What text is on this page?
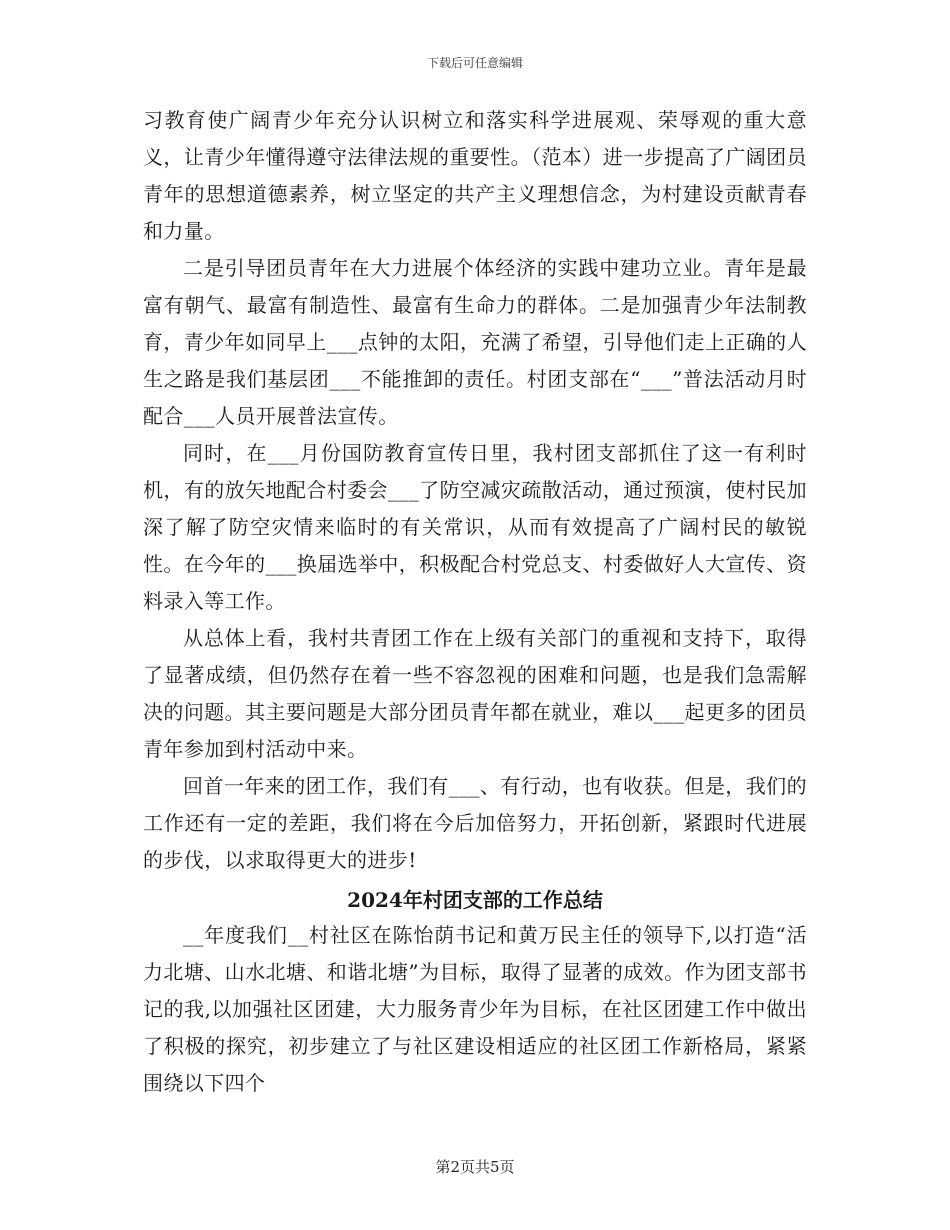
下载后可任意编辑

习教育使广阔青少年充分认识树立和落实科学进展观、荣辱观的重大意义，让青少年懂得遵守法律法规的重要性。（范本）进一步提高了广阔团员青年的思想道德素养，树立坚定的共产主义理想信念，为村建设贡献青春和力量。

二是引导团员青年在大力进展个体经济的实践中建功立业。青年是最富有朝气、最富有制造性、最富有生命力的群体。二是加强青少年法制教育，青少年如同早上___点钟的太阳，充满了希望，引导他们走上正确的人生之路是我们基层团___不能推卸的责任。村团支部在“___”普法活动月时配合___人员开展普法宣传。

同时，在___月份国防教育宣传日里，我村团支部抓住了这一有利时机，有的放矢地配合村委会___了防空减灾疏散活动，通过预演，使村民加深了解了防空灾情来临时的有关常识，从而有效提高了广阔村民的敏锐性。在今年的___换届选举中，积极配合村党总支、村委做好人大宣传、资料录入等工作。

从总体上看，我村共青团工作在上级有关部门的重视和支持下，取得了显著成绩，但仍然存在着一些不容忽视的困难和问题，也是我们急需解决的问题。其主要问题是大部分团员青年都在就业，难以___起更多的团员青年参加到村活动中来。

回首一年来的团工作，我们有___、有行动，也有收获。但是，我们的工作还有一定的差距，我们将在今后加倍努力，开拓创新，紧跟时代进展的步伐，以求取得更大的进步!

2024年村团支部的工作总结

__年度我们__村社区在陈怡荫书记和黄万民主任的领导下,以打造“活力北塘、山水北塘、和谐北塘”为目标，取得了显著的成效。作为团支部书记的我,以加强社区团建，大力服务青少年为目标，在社区团建工作中做出了积极的探究，初步建立了与社区建设相适应的社区团工作新格局，紧紧围绕以下四个

第2页共5页
